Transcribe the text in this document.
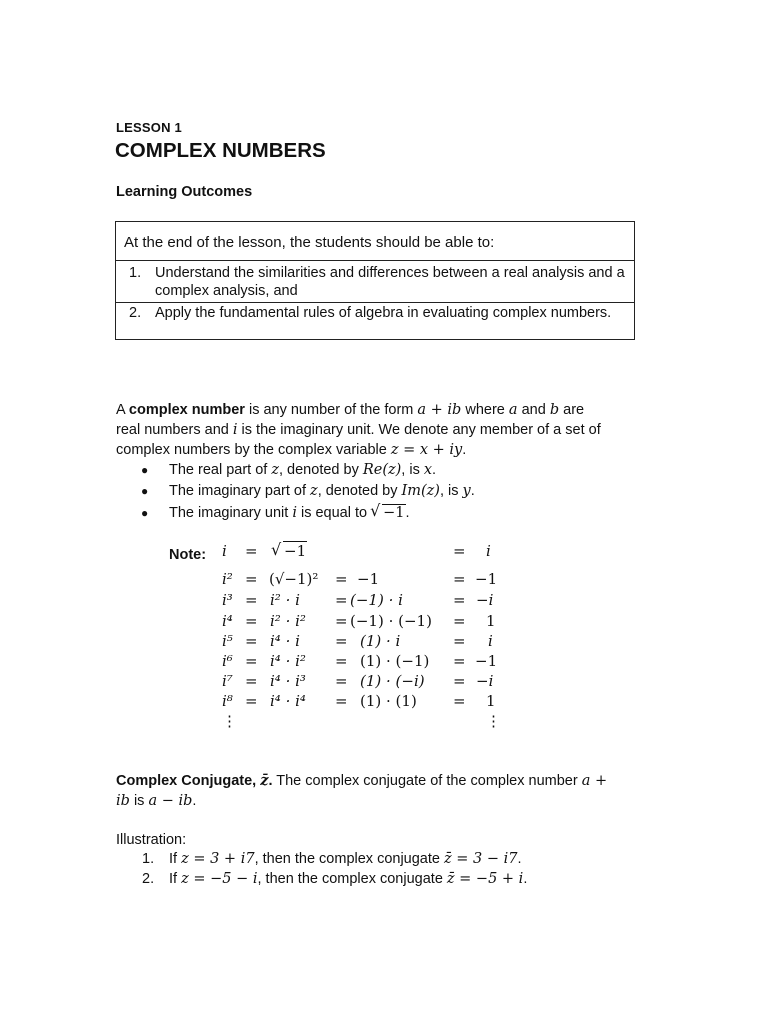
LESSON 1
COMPLEX NUMBERS
Learning Outcomes
At the end of the lesson, the students should be able to:
1. Understand the similarities and differences between a real analysis and a
complex analysis, and
2. Apply the fundamental rules of algebra in evaluating complex numbers.
A complex number is any number of the form a + ib where a and b are
real numbers and i is the imaginary unit. We denote any member of a set of
complex numbers by the complex variable z = x + iy.
● The real part of z, denoted by Re(z), is x.
● The imaginary part of z, denoted by Im(z), is y.
● The imaginary unit i is equal to √ −1.
Note: i =	√ −1	= i
i² = (√−1)² = −1	= −1
i³ = i² · i = (−1) · i	= −i
i⁴ = i² · i² = (−1) · (−1) = 1
i⁵ = i⁴ · i = (1) · i	= i
i⁶ = i⁴ · i² = (1) · (−1) = −1
i⁷ = i⁴ · i³ = (1) · (−i) = −i
i⁸ = i⁴ · i⁴ = (1) · (1) = 1
⋮	⋮
Complex Conjugate, z̄. The complex conjugate of the complex number a +
ib is a − ib.
Illustration:
1. If z = 3 + i7, then the complex conjugate z̄ = 3 − i7.
2. If z = −5 − i, then the complex conjugate z̄ = −5 + i.
